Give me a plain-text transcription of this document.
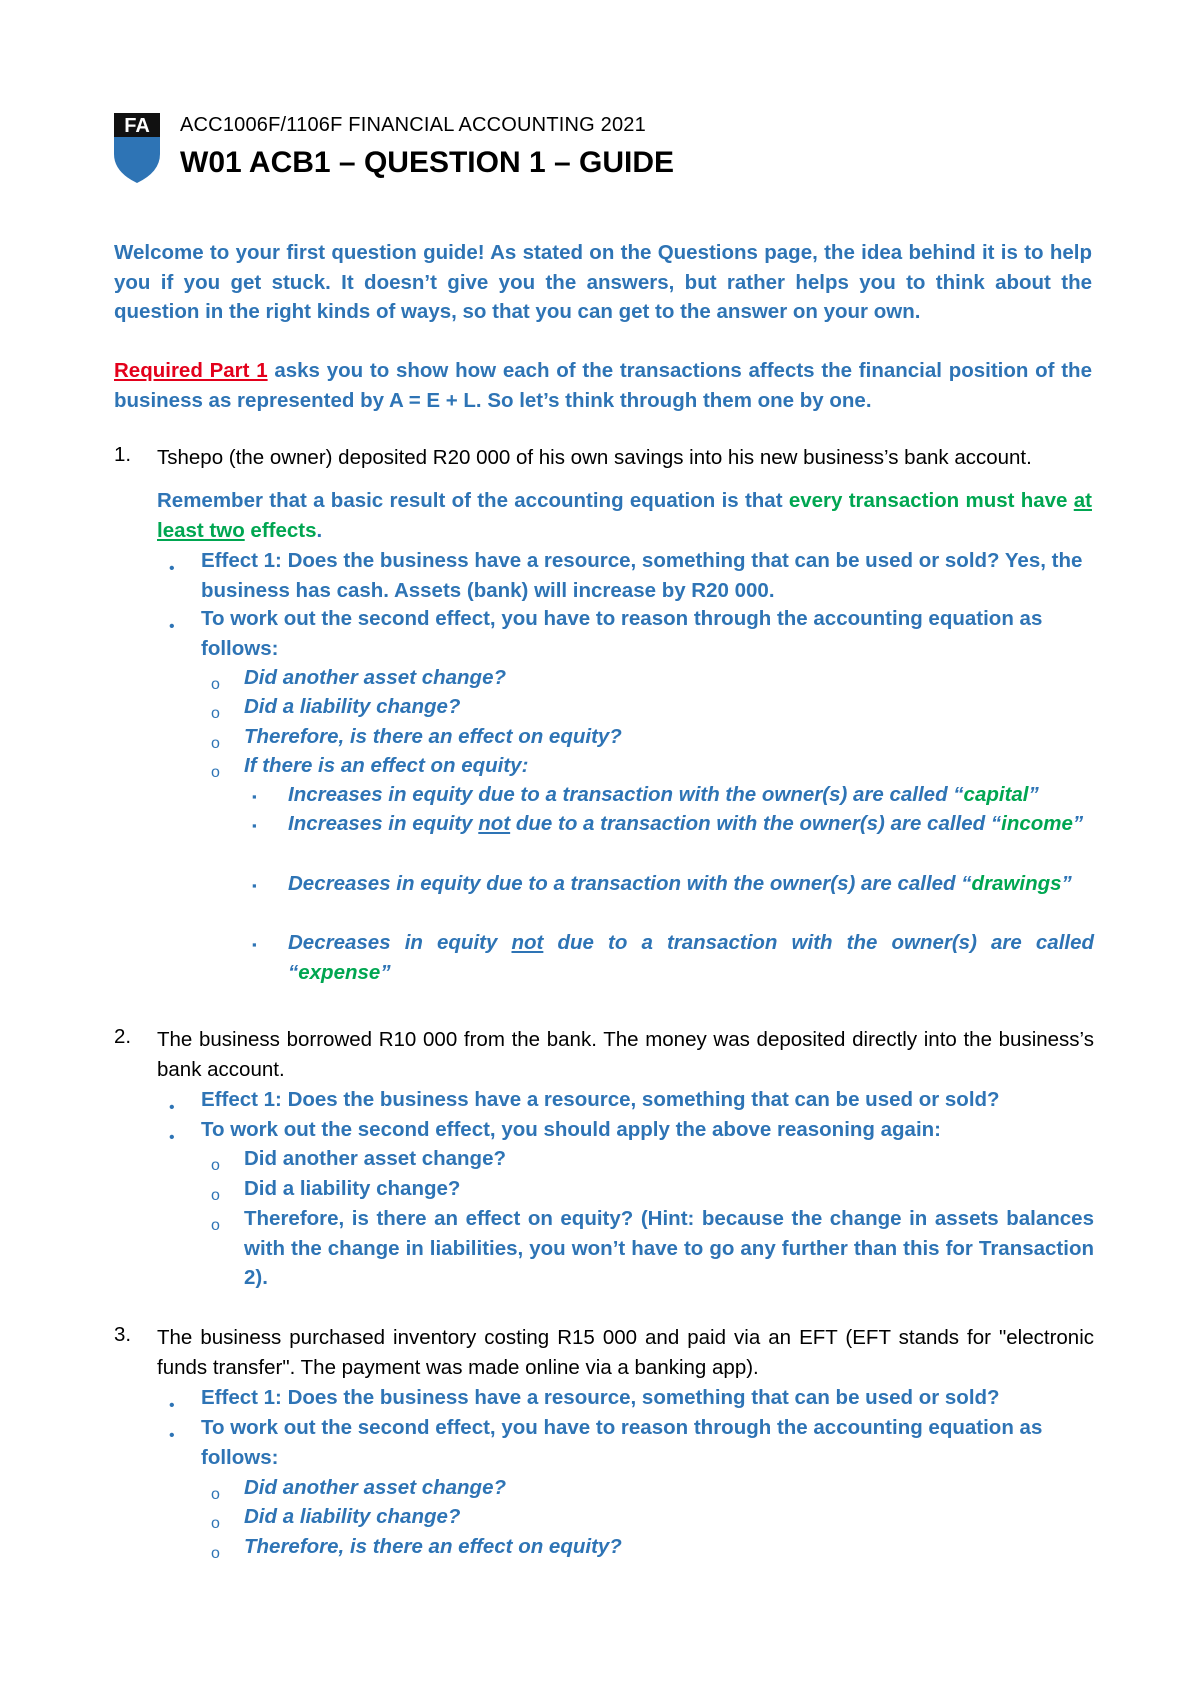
FA ACC1006F/1106F FINANCIAL ACCOUNTING 2021
W01 ACB1 – QUESTION 1 – GUIDE
Welcome to your first question guide! As stated on the Questions page, the idea behind it is to help you if you get stuck. It doesn’t give you the answers, but rather helps you to think about the question in the right kinds of ways, so that you can get to the answer on your own.
Required Part 1 asks you to show how each of the transactions affects the financial position of the business as represented by A = E + L. So let’s think through them one by one.
1. Tshepo (the owner) deposited R20 000 of his own savings into his new business’s bank account.
Remember that a basic result of the accounting equation is that every transaction must have at least two effects.
• Effect 1: Does the business have a resource, something that can be used or sold? Yes, the business has cash. Assets (bank) will increase by R20 000.
• To work out the second effect, you have to reason through the accounting equation as follows:
o Did another asset change?
o Did a liability change?
o Therefore, is there an effect on equity?
o If there is an effect on equity:
▪ Increases in equity due to a transaction with the owner(s) are called “capital”
▪ Increases in equity not due to a transaction with the owner(s) are called “income”
▪ Decreases in equity due to a transaction with the owner(s) are called “drawings”
▪ Decreases in equity not due to a transaction with the owner(s) are called “expense”
2. The business borrowed R10 000 from the bank. The money was deposited directly into the business’s bank account.
• Effect 1: Does the business have a resource, something that can be used or sold?
• To work out the second effect, you should apply the above reasoning again:
o Did another asset change?
o Did a liability change?
o Therefore, is there an effect on equity? (Hint: because the change in assets balances with the change in liabilities, you won’t have to go any further than this for Transaction 2).
3. The business purchased inventory costing R15 000 and paid via an EFT (EFT stands for "electronic funds transfer". The payment was made online via a banking app).
• Effect 1: Does the business have a resource, something that can be used or sold?
• To work out the second effect, you have to reason through the accounting equation as follows:
o Did another asset change?
o Did a liability change?
o Therefore, is there an effect on equity?
